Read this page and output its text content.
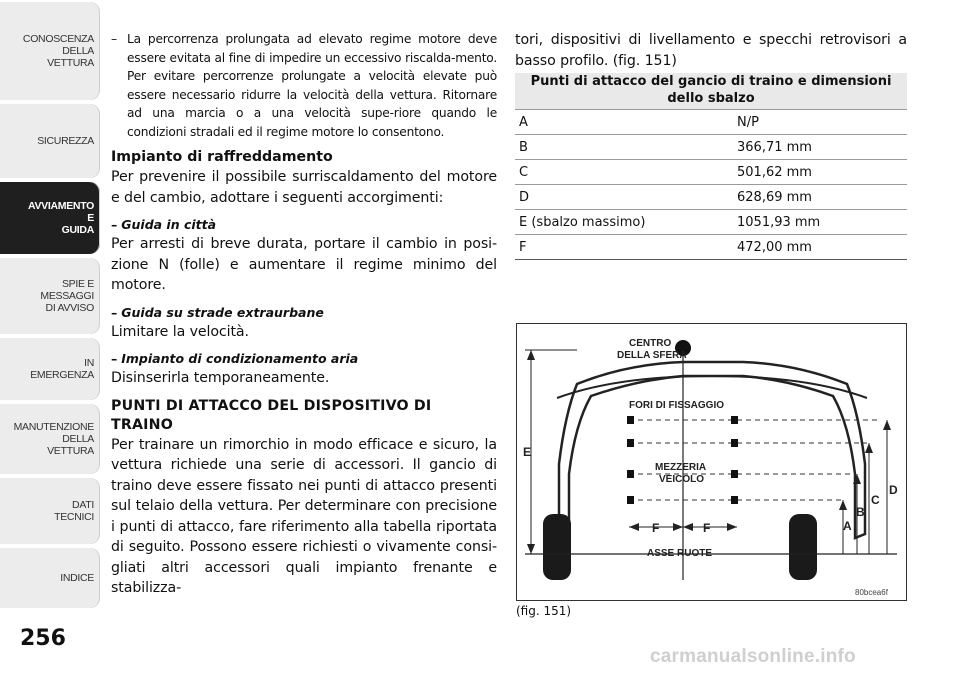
CONOSCENZA
DELLA
VETTURA
SICUREZZA
AVVIAMENTO
E
GUIDA
SPIE E
MESSAGGI
DI AVVISO
IN
EMERGENZA
MANUTENZIONE
DELLA
VETTURA
DATI
TECNICI
INDICE
256
– La percorrenza prolungata ad elevato regime motore deve essere evitata al fine di impedire un eccessivo riscalda-mento. Per evitare percorrenze prolungate a velocità elevate può essere necessario ridurre la velocità della vettura. Ritornare ad una marcia o a una velocità supe-riore quando le condizioni stradali ed il regime motore lo consentono.
Impianto di raffreddamento

Per prevenire il possibile surriscaldamento del motore e del cambio, adottare i seguenti accorgimenti:

– Guida in città

Per arresti di breve durata, portare il cambio in posi-zione N (folle) e aumentare il regime minimo del motore.

– Guida su strade extraurbane

Limitare la velocità.

– Impianto di condizionamento aria

Disinserirla temporaneamente.

PUNTI DI ATTACCO DEL DISPOSITIVO DI TRAINO

Per trainare un rimorchio in modo efficace e sicuro, la vettura richiede una serie di accessori. Il gancio di traino deve essere fissato nei punti di attacco presenti sul telaio della vettura. Per determinare con precisione i punti di attacco, fare riferimento alla tabella riportata di seguito. Possono essere richiesti o vivamente consi-gliati altri accessori quali impianto frenante e stabilizza-

tori, dispositivi di livellamento e specchi retrovisori a basso profilo. (fig. 151)

Punti di attacco del gancio di traino e dimensioni dello sbalzo	
A	N/P
B	366,71 mm
C	501,62 mm
D	628,69 mm
E (sbalzo massimo)	1051,93 mm
F	472,00 mm
CENTRO
DELLA SFERA
FORI DI FISSAGGIO
MEZZERIA
VEICOLO
ASSE RUOTE
E
F	F	A
B
C
D
80bcea6f
(fig. 151)
carmanualsonline.info
